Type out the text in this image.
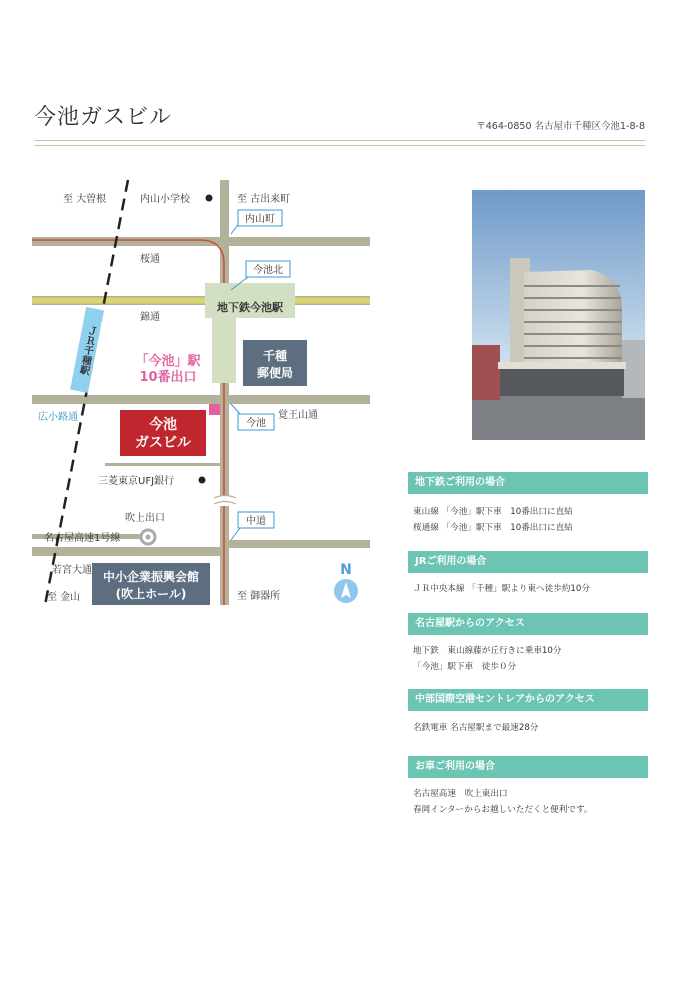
今池ガスビル	〒464-0850 名古屋市千種区今池1-8-8
地下鉄今池駅
ＪＲ千種駅
至 大曽根	内山小学校	至 古出来町
桜通
錦通
広小路通	覚王山通
三菱東京UFJ銀行
吹上出口
名古屋高速1号線
若宮大通
至 金山	至 御器所
内山町
今池北
今池
中道
「今池」駅
10番出口
千種
郵便局
今池
ガスビル
中小企業振興会館
(吹上ホール)
N
地下鉄ご利用の場合
東山線 「今池」駅下車　10番出口に直結
桜通線 「今池」駅下車　10番出口に直結
JRご利用の場合
ＪＲ中央本線 「千種」駅より東へ徒歩約10分
名古屋駅からのアクセス
地下鉄　東山線藤が丘行きに乗車10分
「今池」駅下車　徒歩０分
中部国際空港セントレアからのアクセス
名鉄電車 名古屋駅まで最速28分
お車ご利用の場合
名古屋高速　吹上東出口
春岡インターからお越しいただくと便利です。
